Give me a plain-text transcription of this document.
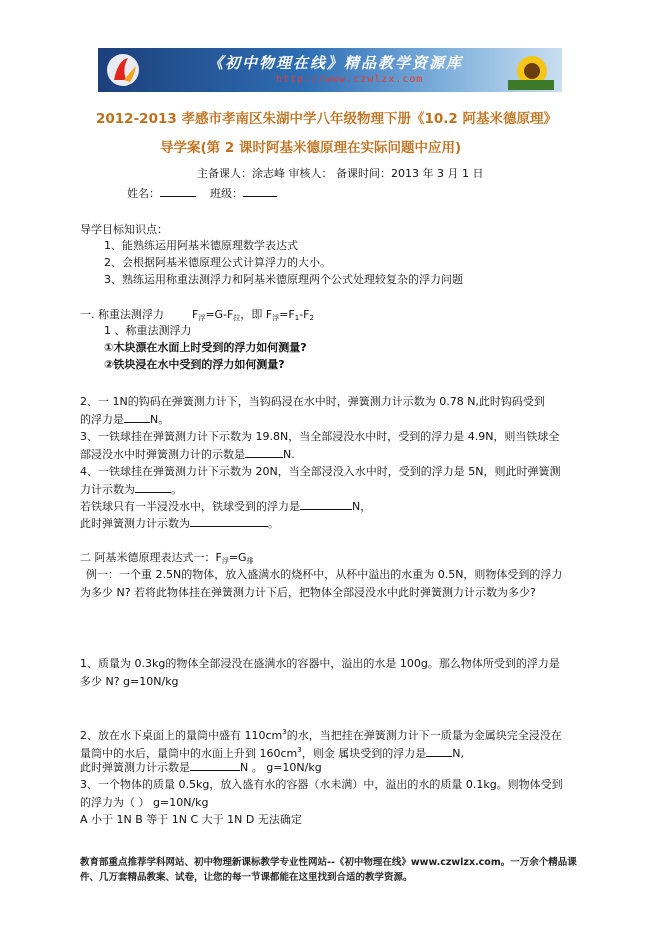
《初中物理在线》精品教学资源库
http://www.czwlzx.com
2012-2013 孝感市孝南区朱湖中学八年级物理下册《10.2 阿基米德原理》
导学案(第 2 课时阿基米德原理在实际问题中应用)
主备课人：涂志峰 审核人： 备课时间：2013 年 3 月 1 日
姓名：	班级：
导学目标知识点：
1、能熟练运用阿基米德原理数学表达式
2、会根据阿基米德原理公式计算浮力的大小。
3、熟练运用称重法测浮力和阿基米德原理两个公式处理较复杂的浮力问题
一. 称重法测浮力	$F_浮=G-F_拉$，即 $F_浮=F_1-F_2$
1 、称重法测浮力
①木块漂在水面上时受到的浮力如何测量?
②铁块浸在水中受到的浮力如何测量?
2、一 1N的钩码在弹簧测力计下，当钩码浸在水中时，弹簧测力计示数为 0.78 N,此时钩码受到
的浮力是 N。
3、一铁球挂在弹簧测力计下示数为 19.8N，当全部浸没水中时，受到的浮力是 4.9N，则当铁球全
部浸没水中时弹簧测力计的示数是	N.
4、一铁球挂在弹簧测力计下示数为 20N，当全部浸没入水中时，受到的浮力是 5N，则此时弹簧测
力计示数为	。
若铁球只有一半浸没水中，铁球受到的浮力是	N，
此时弹簧测力计示数为	。
二 阿基米德原理表达式一：$F_浮=G_排$
例一：一个重 2.5N的物体，放入盛满水的烧杯中，从杯中溢出的水重为 0.5N，则物体受到的浮力
为多少 N? 若将此物体挂在弹簧测力计下后，把物体全部浸没水中此时弹簧测力计示数为多少?
1、质量为 0.3kg的物体全部浸没在盛满水的容器中，溢出的水是 100g。那么物体所受到的浮力是
多少 N? g=10N/kg
2、放在水下桌面上的量筒中盛有 $110cm^3$的水，当把挂在弹簧测力计下一质量为金属块完全浸没在
量筒中的水后，量筒中的水面上升到 $160cm^3$，则金 属块受到的浮力是 N,
此时弹簧测力计示数是	N 。 g=10N/kg
3、一个物体的质量 0.5kg，放入盛有水的容器（水未满）中，溢出的水的质量 0.1kg。则物体受到
的浮力为（ ） g=10N/kg
A 小于 1N B 等于 1N C 大于 1N D 无法确定
教育部重点推荐学科网站、初中物理新课标教学专业性网站--《初中物理在线》www.czwlzx.com。一万余个精品课
件、几万套精品教案、试卷，让您的每一节课都能在这里找到合适的教学资源。
